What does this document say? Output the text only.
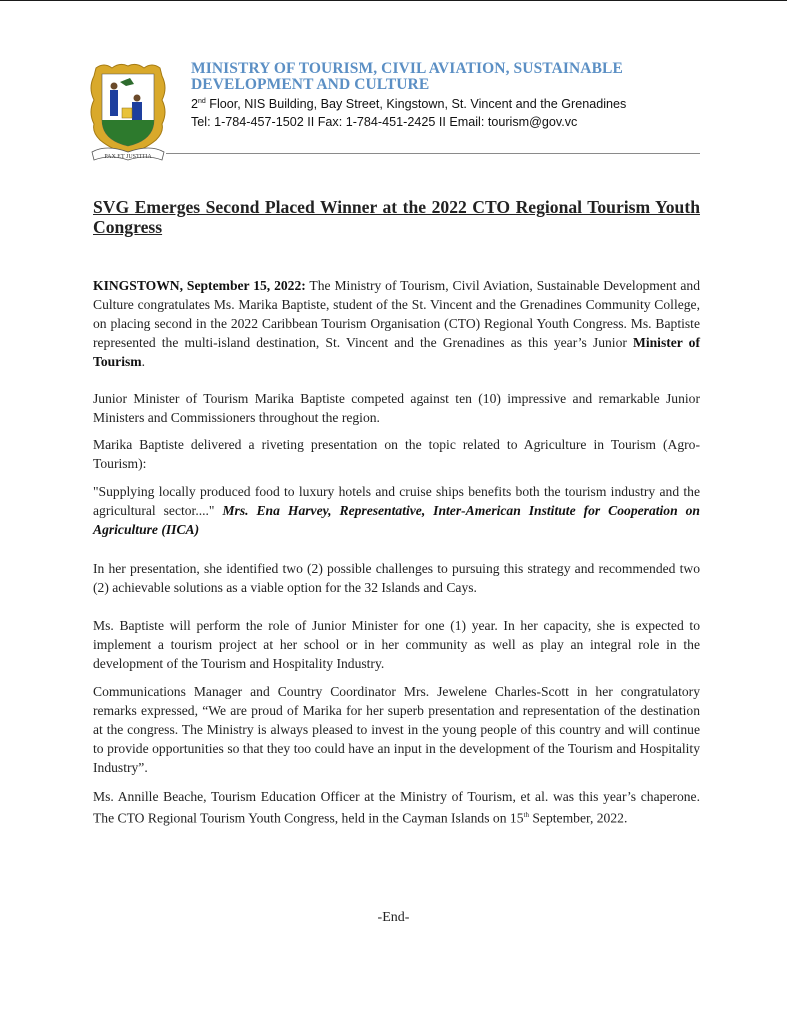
PAX ET JUSTITIA
MINISTRY OF TOURISM, CIVIL AVIATION, SUSTAINABLE
DEVELOPMENT AND CULTURE
2nd Floor, NIS Building, Bay Street, Kingstown, St. Vincent and the Grenadines
Tel: 1-784-457-1502 II Fax: 1-784-451-2425 II Email: tourism@gov.vc
SVG Emerges Second Placed Winner at the 2022 CTO Regional Tourism Youth Congress
KINGSTOWN, September 15, 2022: The Ministry of Tourism, Civil Aviation, Sustainable Development and Culture congratulates Ms. Marika Baptiste, student of the St. Vincent and the Grenadines Community College, on placing second in the 2022 Caribbean Tourism Organisation (CTO) Regional Youth Congress. Ms. Baptiste represented the multi-island destination, St. Vincent and the Grenadines as this year’s Junior Minister of Tourism.
Junior Minister of Tourism Marika Baptiste competed against ten (10) impressive and remarkable Junior Ministers and Commissioners throughout the region.
Marika Baptiste delivered a riveting presentation on the topic related to Agriculture in Tourism (Agro-Tourism):
"Supplying locally produced food to luxury hotels and cruise ships benefits both the tourism industry and the agricultural sector...." Mrs. Ena Harvey, Representative, Inter-American Institute for Cooperation on Agriculture (IICA)
In her presentation, she identified two (2) possible challenges to pursuing this strategy and recommended two (2) achievable solutions as a viable option for the 32 Islands and Cays.
Ms. Baptiste will perform the role of Junior Minister for one (1) year. In her capacity, she is expected to implement a tourism project at her school or in her community as well as play an integral role in the development of the Tourism and Hospitality Industry.
Communications Manager and Country Coordinator Mrs. Jewelene Charles-Scott in her congratulatory remarks expressed, “We are proud of Marika for her superb presentation and representation of the destination at the congress. The Ministry is always pleased to invest in the young people of this country and will continue to provide opportunities so that they too could have an input in the development of the Tourism and Hospitality Industry”.
Ms. Annille Beache, Tourism Education Officer at the Ministry of Tourism, et al. was this year’s chaperone. The CTO Regional Tourism Youth Congress, held in the Cayman Islands on 15th September, 2022.
-End-
